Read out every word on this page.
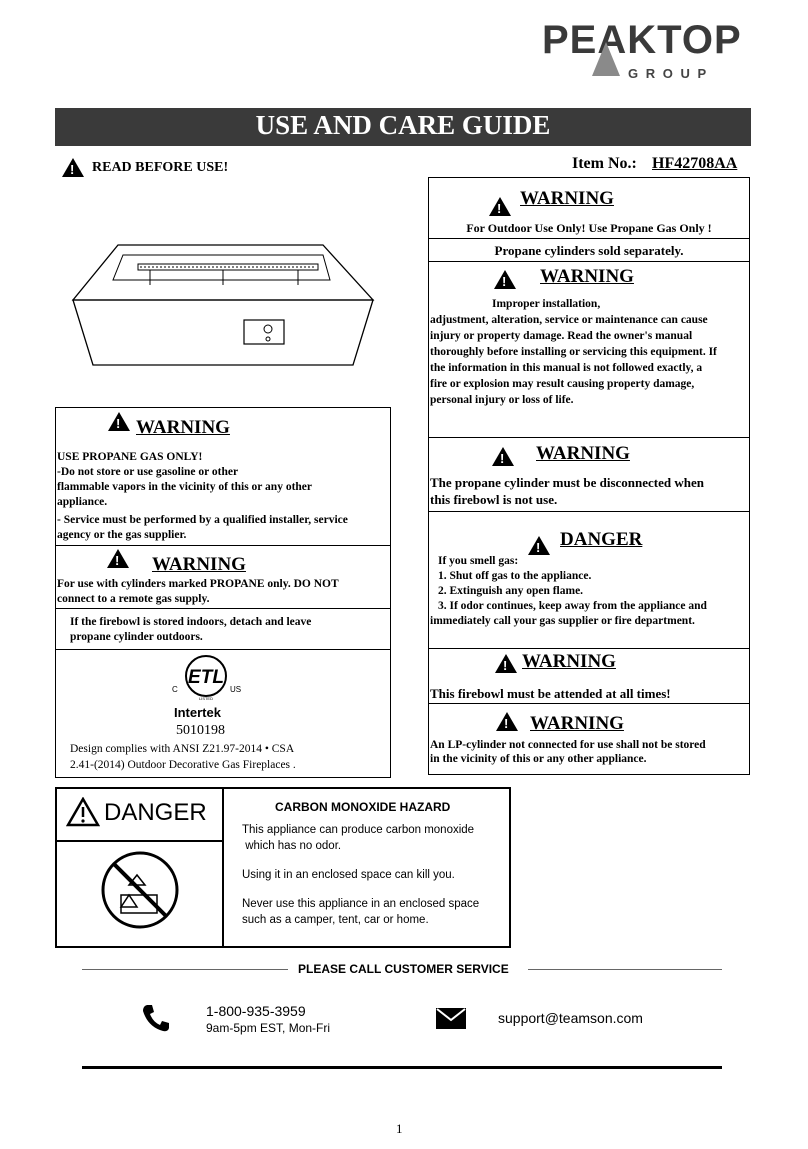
PEAKTOP
G R O U P
USE AND CARE GUIDE
!
READ BEFORE USE!	Item No.: HF42708AA
!
WARNING
For Outdoor Use Only! Use Propane Gas Only !
Propane cylinders sold separately.
!
WARNING
Improper installation,
adjustment, alteration, service or maintenance can cause
injury or property damage. Read the owner's manual
thoroughly before installing or servicing this equipment. If
the information in this manual is not followed exactly, a
fire or explosion may result causing property damage,
personal injury or loss of life.
!
WARNING
The propane cylinder must be disconnected when
this firebowl is not use.
!
DANGER
If you smell gas:
1. Shut off gas to the appliance.
2. Extinguish any open flame.
3. If odor continues, keep away from the appliance and
immediately call your gas supplier or fire department.
!
WARNING
This firebowl must be attended at all times!
!
WARNING
An LP-cylinder not connected for use shall not be stored
in the vicinity of this or any other appliance.
!
WARNING
USE PROPANE GAS ONLY!
-Do not store or use gasoline or other
flammable vapors in the vicinity of this or any other
appliance.
- Service must be performed by a qualified installer, service
agency or the gas supplier.
!
WARNING
For use with cylinders marked PROPANE only. DO NOT
connect to a remote gas supply.
If the firebowl is stored indoors, detach and leave
propane cylinder outdoors.
ETL
C	US
LISTED
Intertek
5010198
Design complies with ANSI Z21.97-2014 • CSA
2.41-(2014) Outdoor Decorative Gas Fireplaces .
DANGER	CARBON MONOXIDE HAZARD
This appliance can produce carbon monoxide
which has no odor.
Using it in an enclosed space can kill you.
Never use this appliance in an enclosed space
such as a camper, tent, car or home.
PLEASE CALL CUSTOMER SERVICE
1-800-935-3959
9am-5pm EST, Mon-Fri
support@teamson.com
1
